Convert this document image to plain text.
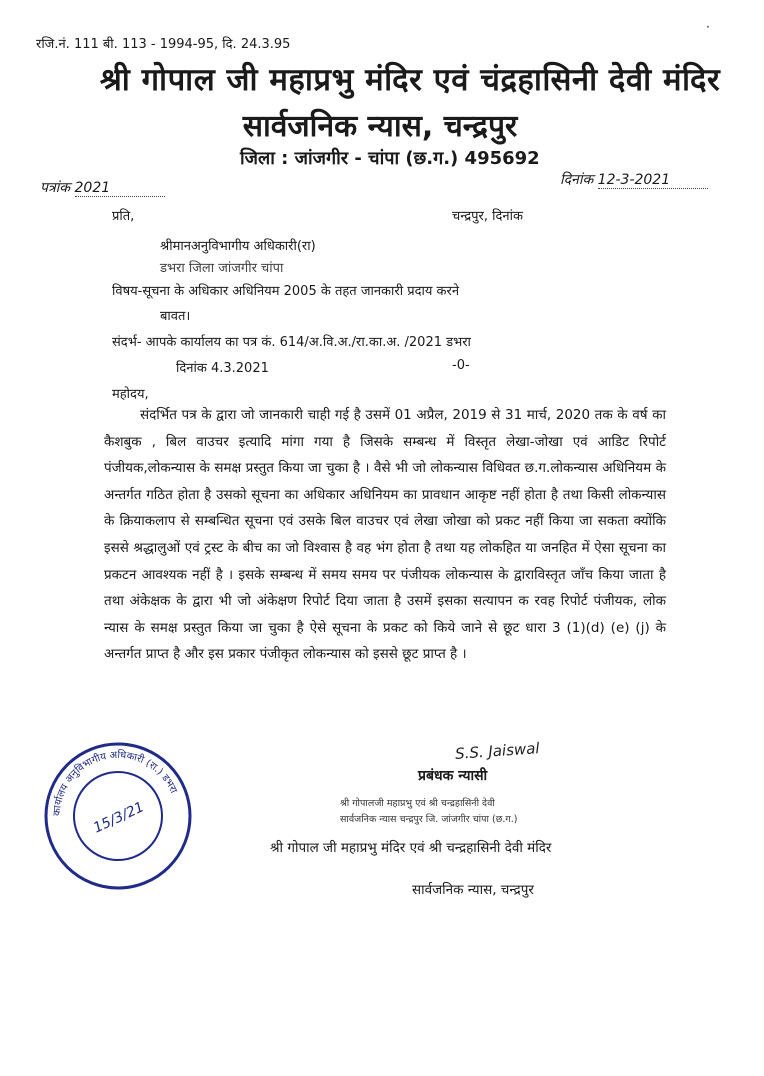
रजि.नं. 111 बी. 113 - 1994-95, दि. 24.3.95
·
श्री गोपाल जी महाप्रभु मंदिर एवं चंद्रहासिनी देवी मंदिर
सार्वजनिक न्यास, चन्द्रपुर
जिला : जांजगीर - चांपा (छ.ग.) 495692
पत्रांक 2021	दिनांक 12-3-2021
प्रति,	चन्द्रपुर, दिनांक
श्रीमानअनुविभागीय अधिकारी(रा)
डभरा जिला जांजगीर चांपा
विषय-सूचना के अधिकार अधिनियम 2005 के तहत जानकारी प्रदाय करने
बावत।
संदर्भ- आपके कार्यालय का पत्र कं. 614/अ.वि.अ./रा.का.अ. /2021 डभरा
दिनांक 4.3.2021	-0-
महोदय,

संदर्भित पत्र के द्वारा जो जानकारी चाही गई है उसमें 01 अप्रैल, 2019 से 31 मार्च, 2020 तक के वर्ष का कैशबुक , बिल वाउचर इत्यादि मांगा गया है जिसके सम्बन्ध में विस्तृत लेखा-जोखा एवं आडिट रिपोर्ट पंजीयक,लोकन्यास के समक्ष प्रस्तुत किया जा चुका है । वैसे भी जो लोकन्यास विधिवत छ.ग.लोकन्यास अधिनियम के अन्तर्गत गठित होता है उसको सूचना का अधिकार अधिनियम का प्रावधान आकृष्ट नहीं होता है तथा किसी लोकन्यास के क्रियाकलाप से सम्बन्धित सूचना एवं उसके बिल वाउचर एवं लेखा जोखा को प्रकट नहीं किया जा सकता क्योंकि इससे श्रद्धालुओं एवं ट्रस्ट के बीच का जो विश्वास है वह भंग होता है तथा यह लोकहित या जनहित में ऐसा सूचना का प्रकटन आवश्यक नहीं है । इसके सम्बन्ध में समय समय पर पंजीयक लोकन्यास के द्वाराविस्तृत जाँच किया जाता है तथा अंकेक्षक के द्वारा भी जो अंकेक्षण रिपोर्ट दिया जाता है उसमें इसका सत्यापन क रवह रिपोर्ट पंजीयक, लोक न्यास के समक्ष प्रस्तुत किया जा चुका है ऐसे सूचना के प्रकट को किये जाने से छूट धारा 3 (1)(d) (e) (j) के अन्तर्गत प्राप्त है और इस प्रकार पंजीकृत लोकन्यास को इससे छूट प्राप्त है ।

कार्यालय अनुविभागीय अधिकारी (रा.) डभरा
15/3/21
S.S. Jaiswal
प्रबंधक न्यासी
श्री गोपालजी महाप्रभु एवं श्री चन्द्रहासिनी देवी
सार्वजनिक न्यास चन्द्रपुर जि. जांजगीर चांपा (छ.ग.)
श्री गोपाल जी महाप्रभु मंदिर एवं श्री चन्द्रहासिनी देवी मंदिर
सार्वजनिक न्यास, चन्द्रपुर
